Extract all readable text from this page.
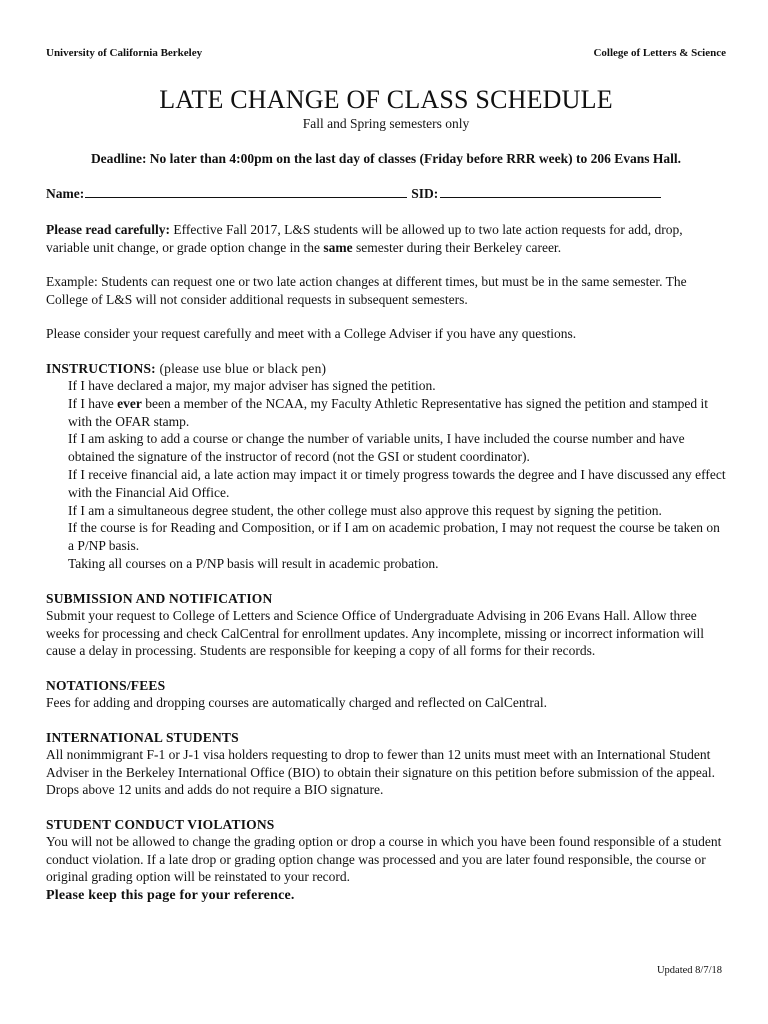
University of California Berkeley	College of Letters & Science
LATE CHANGE OF CLASS SCHEDULE
Fall and Spring semesters only
Deadline: No later than 4:00pm on the last day of classes (Friday before RRR week) to 206 Evans Hall.
Name:	SID:

Please read carefully: Effective Fall 2017, L&S students will be allowed up to two late action requests for add, drop, variable unit change, or grade option change in the same semester during their Berkeley career.

Example: Students can request one or two late action changes at different times, but must be in the same semester. The College of L&S will not consider additional requests in subsequent semesters.

Please consider your request carefully and meet with a College Adviser if you have any questions.

INSTRUCTIONS: (please use blue or black pen)
If I have declared a major, my major adviser has signed the petition.
If I have ever been a member of the NCAA, my Faculty Athletic Representative has signed the petition and stamped it with the OFAR stamp.
If I am asking to add a course or change the number of variable units, I have included the course number and have obtained the signature of the instructor of record (not the GSI or student coordinator).
If I receive financial aid, a late action may impact it or timely progress towards the degree and I have discussed any effect with the Financial Aid Office.
If I am a simultaneous degree student, the other college must also approve this request by signing the petition.
If the course is for Reading and Composition, or if I am on academic probation, I may not request the course be taken on a P/NP basis.
Taking all courses on a P/NP basis will result in academic probation.
SUBMISSION AND NOTIFICATION

Submit your request to College of Letters and Science Office of Undergraduate Advising in 206 Evans Hall. Allow three weeks for processing and check CalCentral for enrollment updates. Any incomplete, missing or incorrect information will cause a delay in processing. Students are responsible for keeping a copy of all forms for their records.

NOTATIONS/FEES

Fees for adding and dropping courses are automatically charged and reflected on CalCentral.

INTERNATIONAL STUDENTS

All nonimmigrant F-1 or J-1 visa holders requesting to drop to fewer than 12 units must meet with an International Student Adviser in the Berkeley International Office (BIO) to obtain their signature on this petition before submission of the appeal. Drops above 12 units and adds do not require a BIO signature.

STUDENT CONDUCT VIOLATIONS

You will not be allowed to change the grading option or drop a course in which you have been found responsible of a student conduct violation. If a late drop or grading option change was processed and you are later found responsible, the course or original grading option will be reinstated to your record.

Please keep this page for your reference.
Updated 8/7/18
